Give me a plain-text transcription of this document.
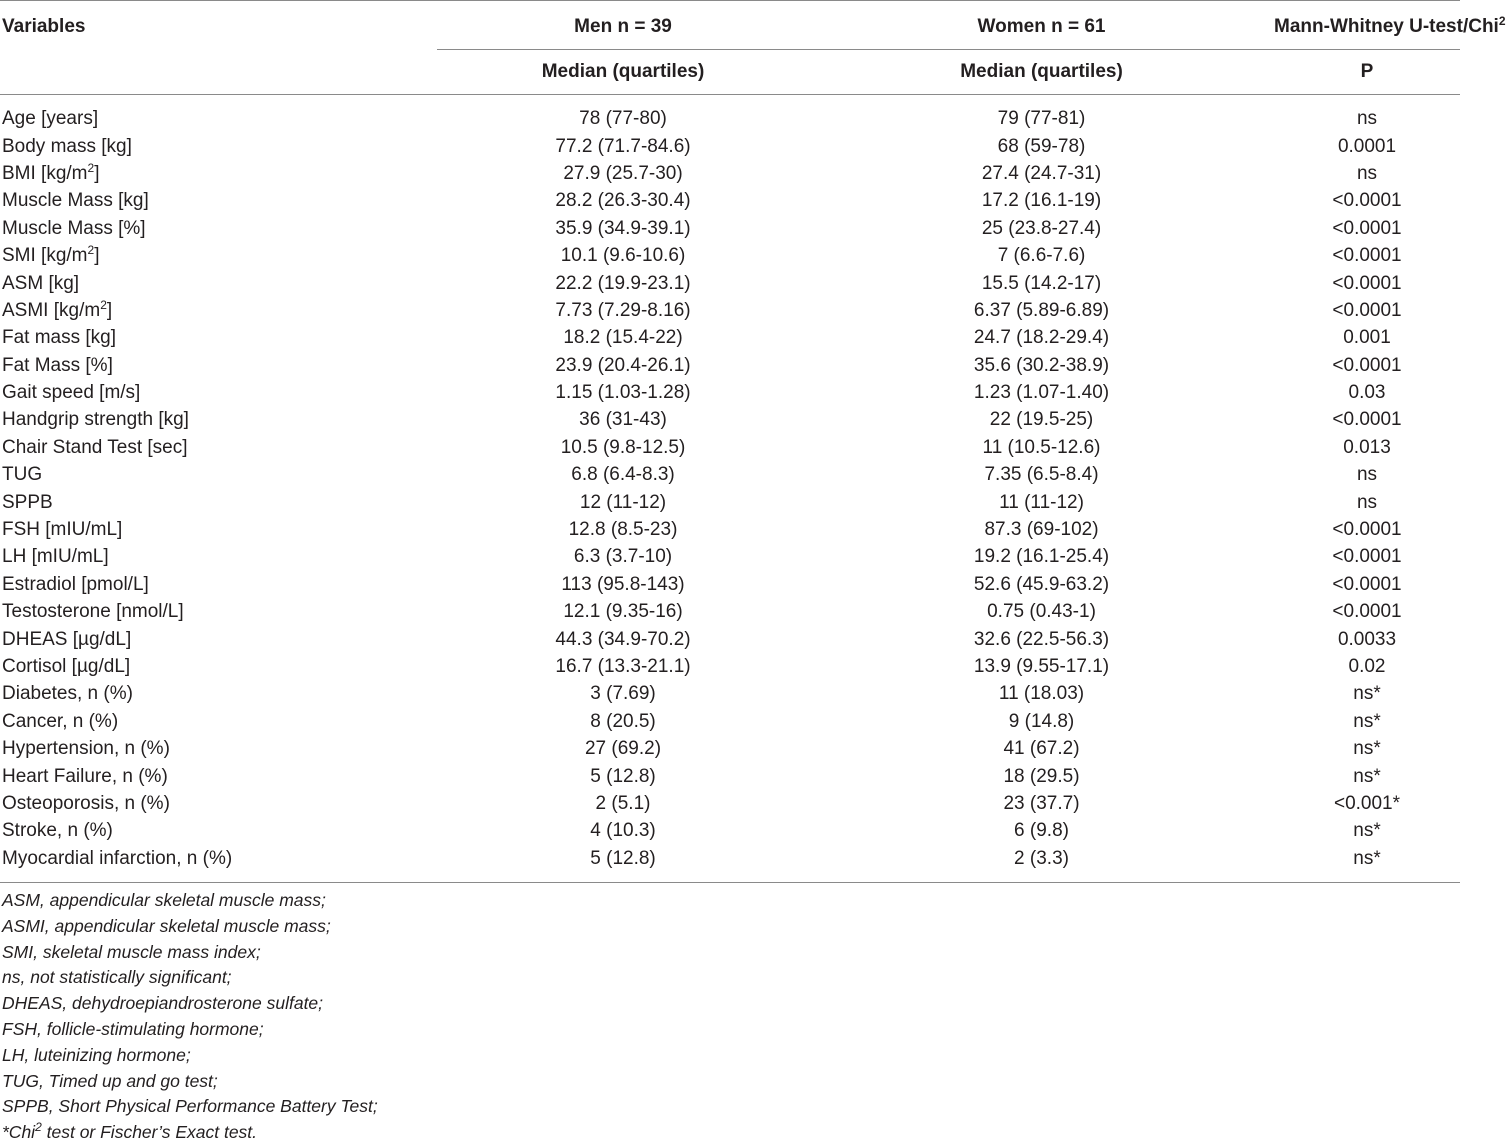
Variables	Men n = 39	Women n = 61	Mann-Whitney U-test/Chi$^2$
	Median (quartiles)	Median (quartiles)	P
Age [years]	78 (77-80)	79 (77-81)	ns
Body mass [kg]	77.2 (71.7-84.6)	68 (59-78)	0.0001
BMI $[kg/m^2]$	27.9 (25.7-30)	27.4 (24.7-31)	ns
Muscle Mass [kg]	28.2 (26.3-30.4)	17.2 (16.1-19)	<0.0001
Muscle Mass [%]	35.9 (34.9-39.1)	25 (23.8-27.4)	<0.0001
SMI $[kg/m^2]$	10.1 (9.6-10.6)	7 (6.6-7.6)	<0.0001
ASM [kg]	22.2 (19.9-23.1)	15.5 (14.2-17)	<0.0001
ASMI $[kg/m^2]$	7.73 (7.29-8.16)	6.37 (5.89-6.89)	<0.0001
Fat mass [kg]	18.2 (15.4-22)	24.7 (18.2-29.4)	0.001
Fat Mass [%]	23.9 (20.4-26.1)	35.6 (30.2-38.9)	<0.0001
Gait speed [m/s]	1.15 (1.03-1.28)	1.23 (1.07-1.40)	0.03
Handgrip strength [kg]	36 (31-43)	22 (19.5-25)	<0.0001
Chair Stand Test [sec]	10.5 (9.8-12.5)	11 (10.5-12.6)	0.013
TUG	6.8 (6.4-8.3)	7.35 (6.5-8.4)	ns
SPPB	12 (11-12)	11 (11-12)	ns
FSH [mIU/mL]	12.8 (8.5-23)	87.3 (69-102)	<0.0001
LH [mIU/mL]	6.3 (3.7-10)	19.2 (16.1-25.4)	<0.0001
Estradiol [pmol/L]	113 (95.8-143)	52.6 (45.9-63.2)	<0.0001
Testosterone [nmol/L]	12.1 (9.35-16)	0.75 (0.43-1)	<0.0001
DHEAS [µg/dL]	44.3 (34.9-70.2)	32.6 (22.5-56.3)	0.0033
Cortisol [µg/dL]	16.7 (13.3-21.1)	13.9 (9.55-17.1)	0.02
Diabetes, n (%)	3 (7.69)	11 (18.03)	ns*
Cancer, n (%)	8 (20.5)	9 (14.8)	ns*
Hypertension, n (%)	27 (69.2)	41 (67.2)	ns*
Heart Failure, n (%)	5 (12.8)	18 (29.5)	ns*
Osteoporosis, n (%)	2 (5.1)	23 (37.7)	<0.001*
Stroke, n (%)	4 (10.3)	6 (9.8)	ns*
Myocardial infarction, n (%)	5 (12.8)	2 (3.3)	ns*
ASM, appendicular skeletal muscle mass;
ASMI, appendicular skeletal muscle mass;
SMI, skeletal muscle mass index;
ns, not statistically significant;
DHEAS, dehydroepiandrosterone sulfate;
FSH, follicle-stimulating hormone;
LH, luteinizing hormone;
TUG, Timed up and go test;
SPPB, Short Physical Performance Battery Test;
*Chi$^2$ test or Fischer’s Exact test.
